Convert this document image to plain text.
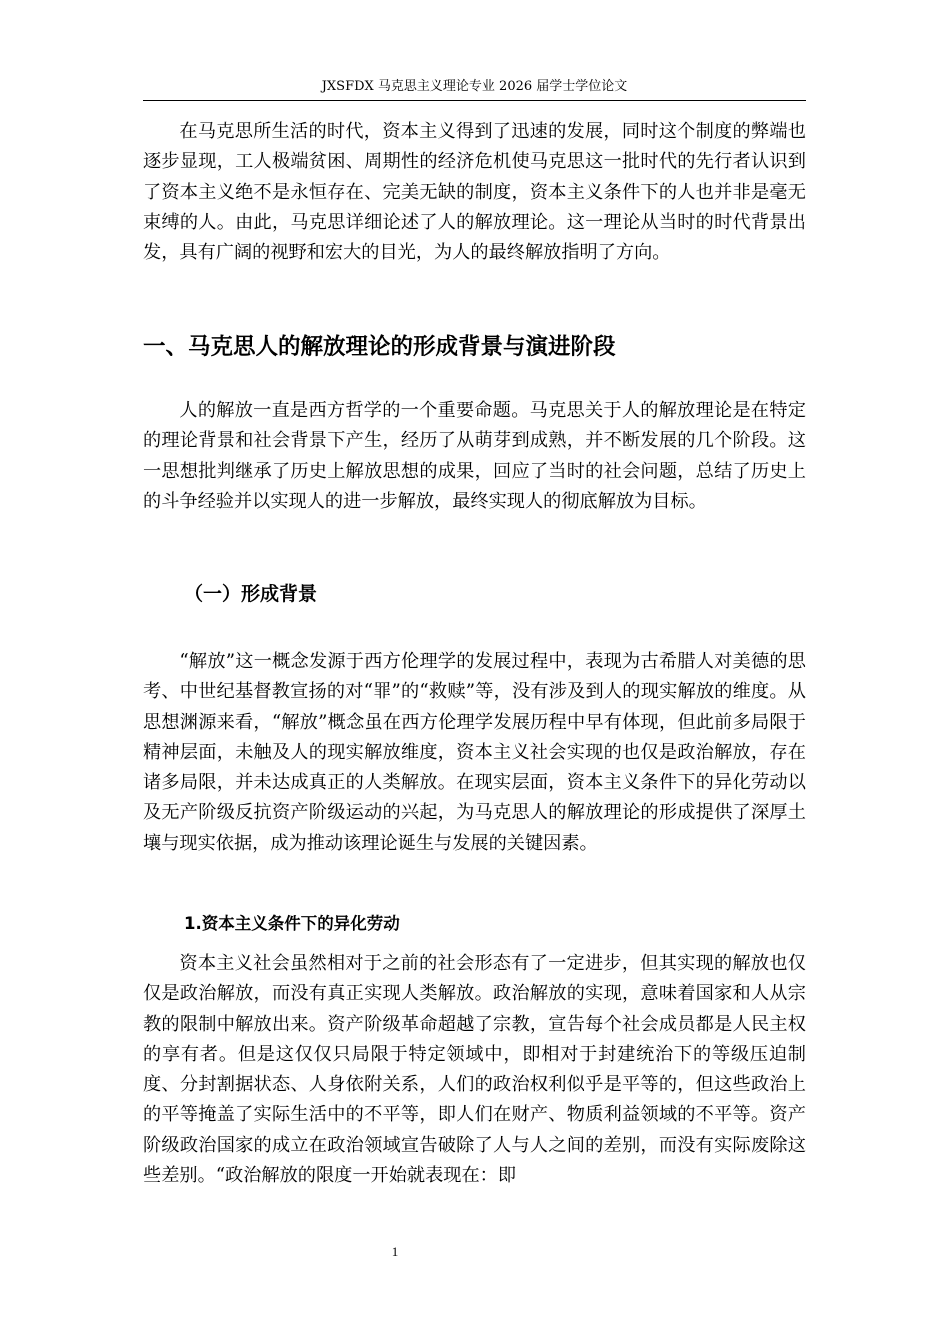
JXSFDX 马克思主义理论专业 2026 届学士学位论文

在马克思所生活的时代，资本主义得到了迅速的发展，同时这个制度的弊端也逐步显现，工人极端贫困、周期性的经济危机使马克思这一批时代的先行者认识到了资本主义绝不是永恒存在、完美无缺的制度，资本主义条件下的人也并非是毫无束缚的人。由此，马克思详细论述了人的解放理论。这一理论从当时的时代背景出发，具有广阔的视野和宏大的目光，为人的最终解放指明了方向。

一、马克思人的解放理论的形成背景与演进阶段

人的解放一直是西方哲学的一个重要命题。马克思关于人的解放理论是在特定的理论背景和社会背景下产生，经历了从萌芽到成熟，并不断发展的几个阶段。这一思想批判继承了历史上解放思想的成果，回应了当时的社会问题，总结了历史上的斗争经验并以实现人的进一步解放，最终实现人的彻底解放为目标。

（一）形成背景

“解放”这一概念发源于西方伦理学的发展过程中，表现为古希腊人对美德的思考、中世纪基督教宣扬的对“罪”的“救赎”等，没有涉及到人的现实解放的维度。从思想渊源来看，“解放”概念虽在西方伦理学发展历程中早有体现，但此前多局限于精神层面，未触及人的现实解放维度，资本主义社会实现的也仅是政治解放，存在诸多局限，并未达成真正的人类解放。在现实层面，资本主义条件下的异化劳动以及无产阶级反抗资产阶级运动的兴起，为马克思人的解放理论的形成提供了深厚土壤与现实依据，成为推动该理论诞生与发展的关键因素。

1.资本主义条件下的异化劳动

资本主义社会虽然相对于之前的社会形态有了一定进步，但其实现的解放也仅仅是政治解放，而没有真正实现人类解放。政治解放的实现，意味着国家和人从宗教的限制中解放出来。资产阶级革命超越了宗教，宣告每个社会成员都是人民主权的享有者。但是这仅仅只局限于特定领域中，即相对于封建统治下的等级压迫制度、分封割据状态、人身依附关系，人们的政治权利似乎是平等的，但这些政治上的平等掩盖了实际生活中的不平等，即人们在财产、物质利益领域的不平等。资产阶级政治国家的成立在政治领域宣告破除了人与人之间的差别，而没有实际废除这些差别。“政治解放的限度一开始就表现在：即

1
